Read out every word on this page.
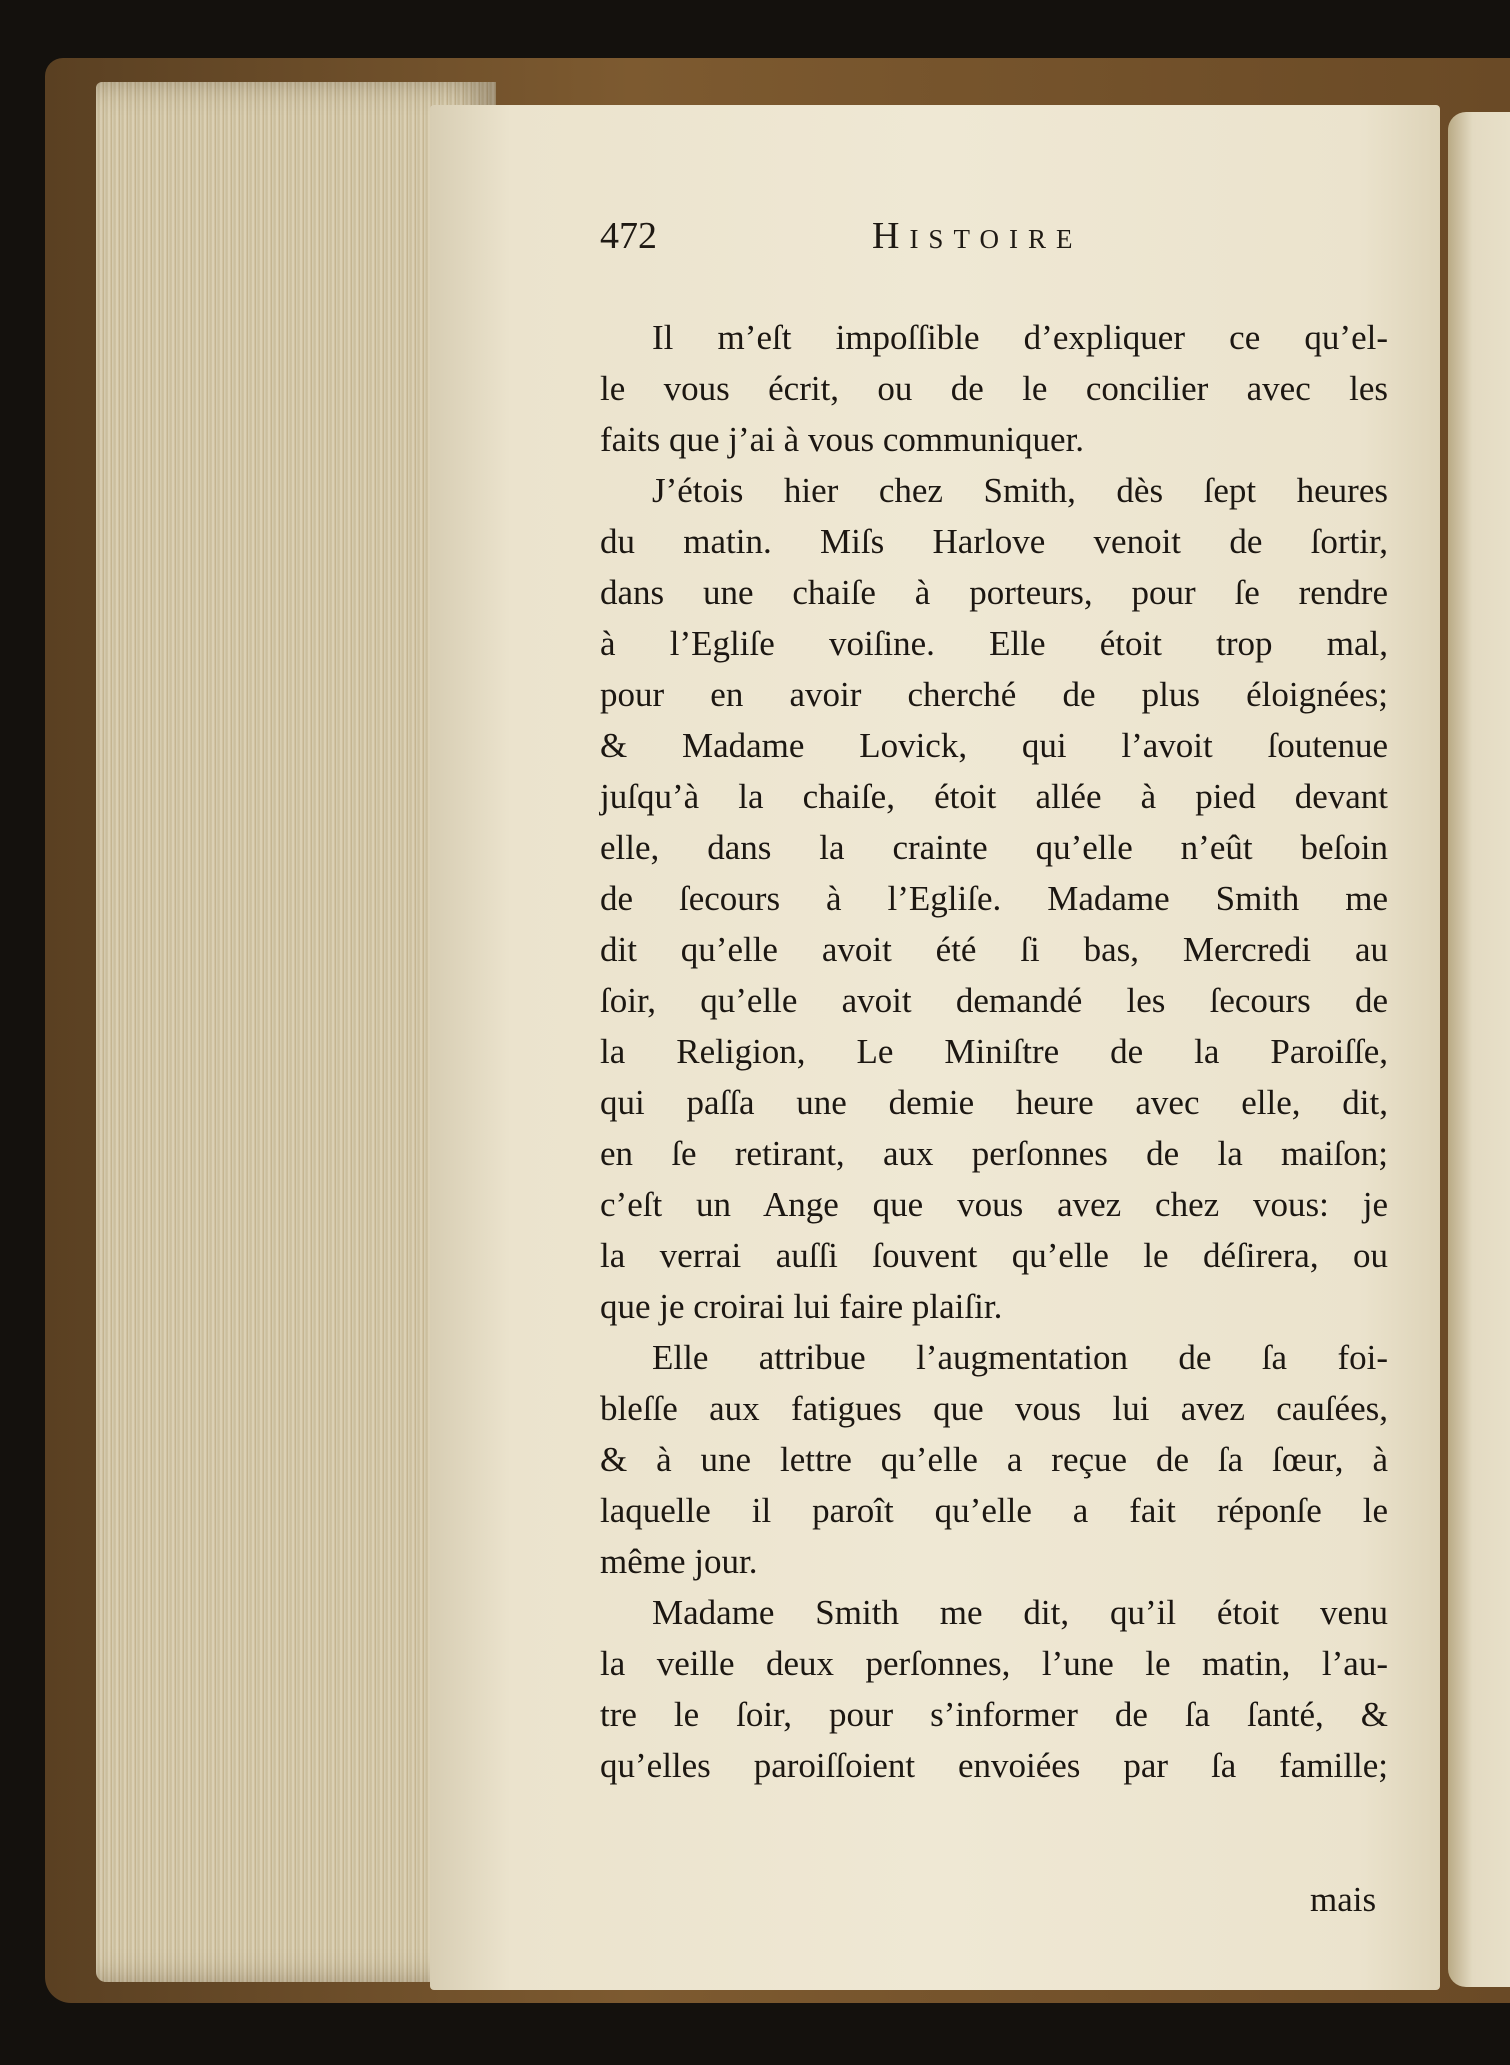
472	Histoire
Il m’eſt impoſſible d’expliquer ce qu’el-
le vous écrit, ou de le concilier avec les
faits que j’ai à vous communiquer.
J’étois hier chez Smith, dès ſept heures
du matin. Miſs Harlove venoit de ſortir,
dans une chaiſe à porteurs, pour ſe rendre
à l’Egliſe voiſine. Elle étoit trop mal,
pour en avoir cherché de plus éloignées;
& Madame Lovick, qui l’avoit ſoutenue
juſqu’à la chaiſe, étoit allée à pied devant
elle, dans la crainte qu’elle n’eût beſoin
de ſecours à l’Egliſe. Madame Smith me
dit qu’elle avoit été ſi bas, Mercredi au
ſoir, qu’elle avoit demandé les ſecours de
la Religion, Le Miniſtre de la Paroiſſe,
qui paſſa une demie heure avec elle, dit,
en ſe retirant, aux perſonnes de la maiſon;
c’eſt un Ange que vous avez chez vous: je
la verrai auſſi ſouvent qu’elle le déſirera, ou
que je croirai lui faire plaiſir.
Elle attribue l’augmentation de ſa foi-
bleſſe aux fatigues que vous lui avez cauſées,
& à une lettre qu’elle a reçue de ſa ſœur, à
laquelle il paroît qu’elle a fait réponſe le
même jour.
Madame Smith me dit, qu’il étoit venu
la veille deux perſonnes, l’une le matin, l’au-
tre le ſoir, pour s’informer de ſa ſanté, &
qu’elles paroiſſoient envoiées par ſa famille;
mais
